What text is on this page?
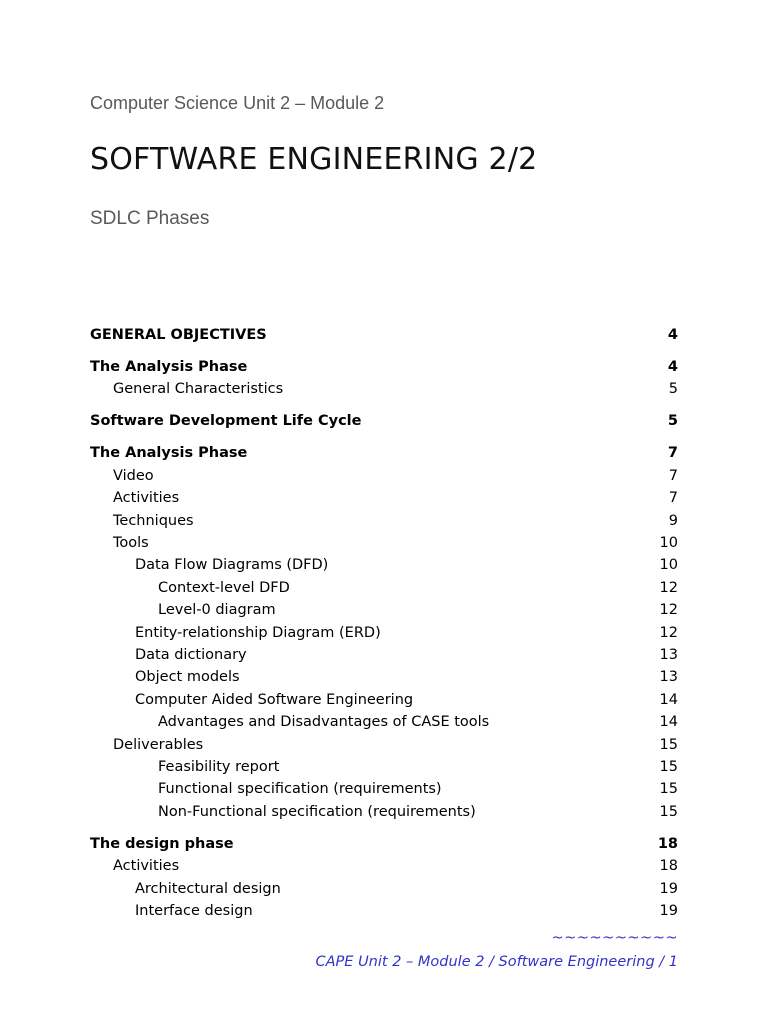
Computer Science Unit 2 – Module 2
SOFTWARE ENGINEERING 2/2
SDLC Phases
GENERAL OBJECTIVES	4
The Analysis Phase	4
General Characteristics	5
Software Development Life Cycle	5
The Analysis Phase	7
Video	7
Activities	7
Techniques	9
Tools	10
Data Flow Diagrams (DFD)	10
Context-level DFD	12
Level-0 diagram	12
Entity-relationship Diagram (ERD)	12
Data dictionary	13
Object models	13
Computer Aided Software Engineering	14
Advantages and Disadvantages of CASE tools	14
Deliverables	15
Feasibility report	15
Functional specification (requirements)	15
Non-Functional specification (requirements)	15
The design phase	18
Activities	18
Architectural design	19
Interface design	19
~~~~~~~~~~
CAPE Unit 2 – Module 2 / Software Engineering / 1
